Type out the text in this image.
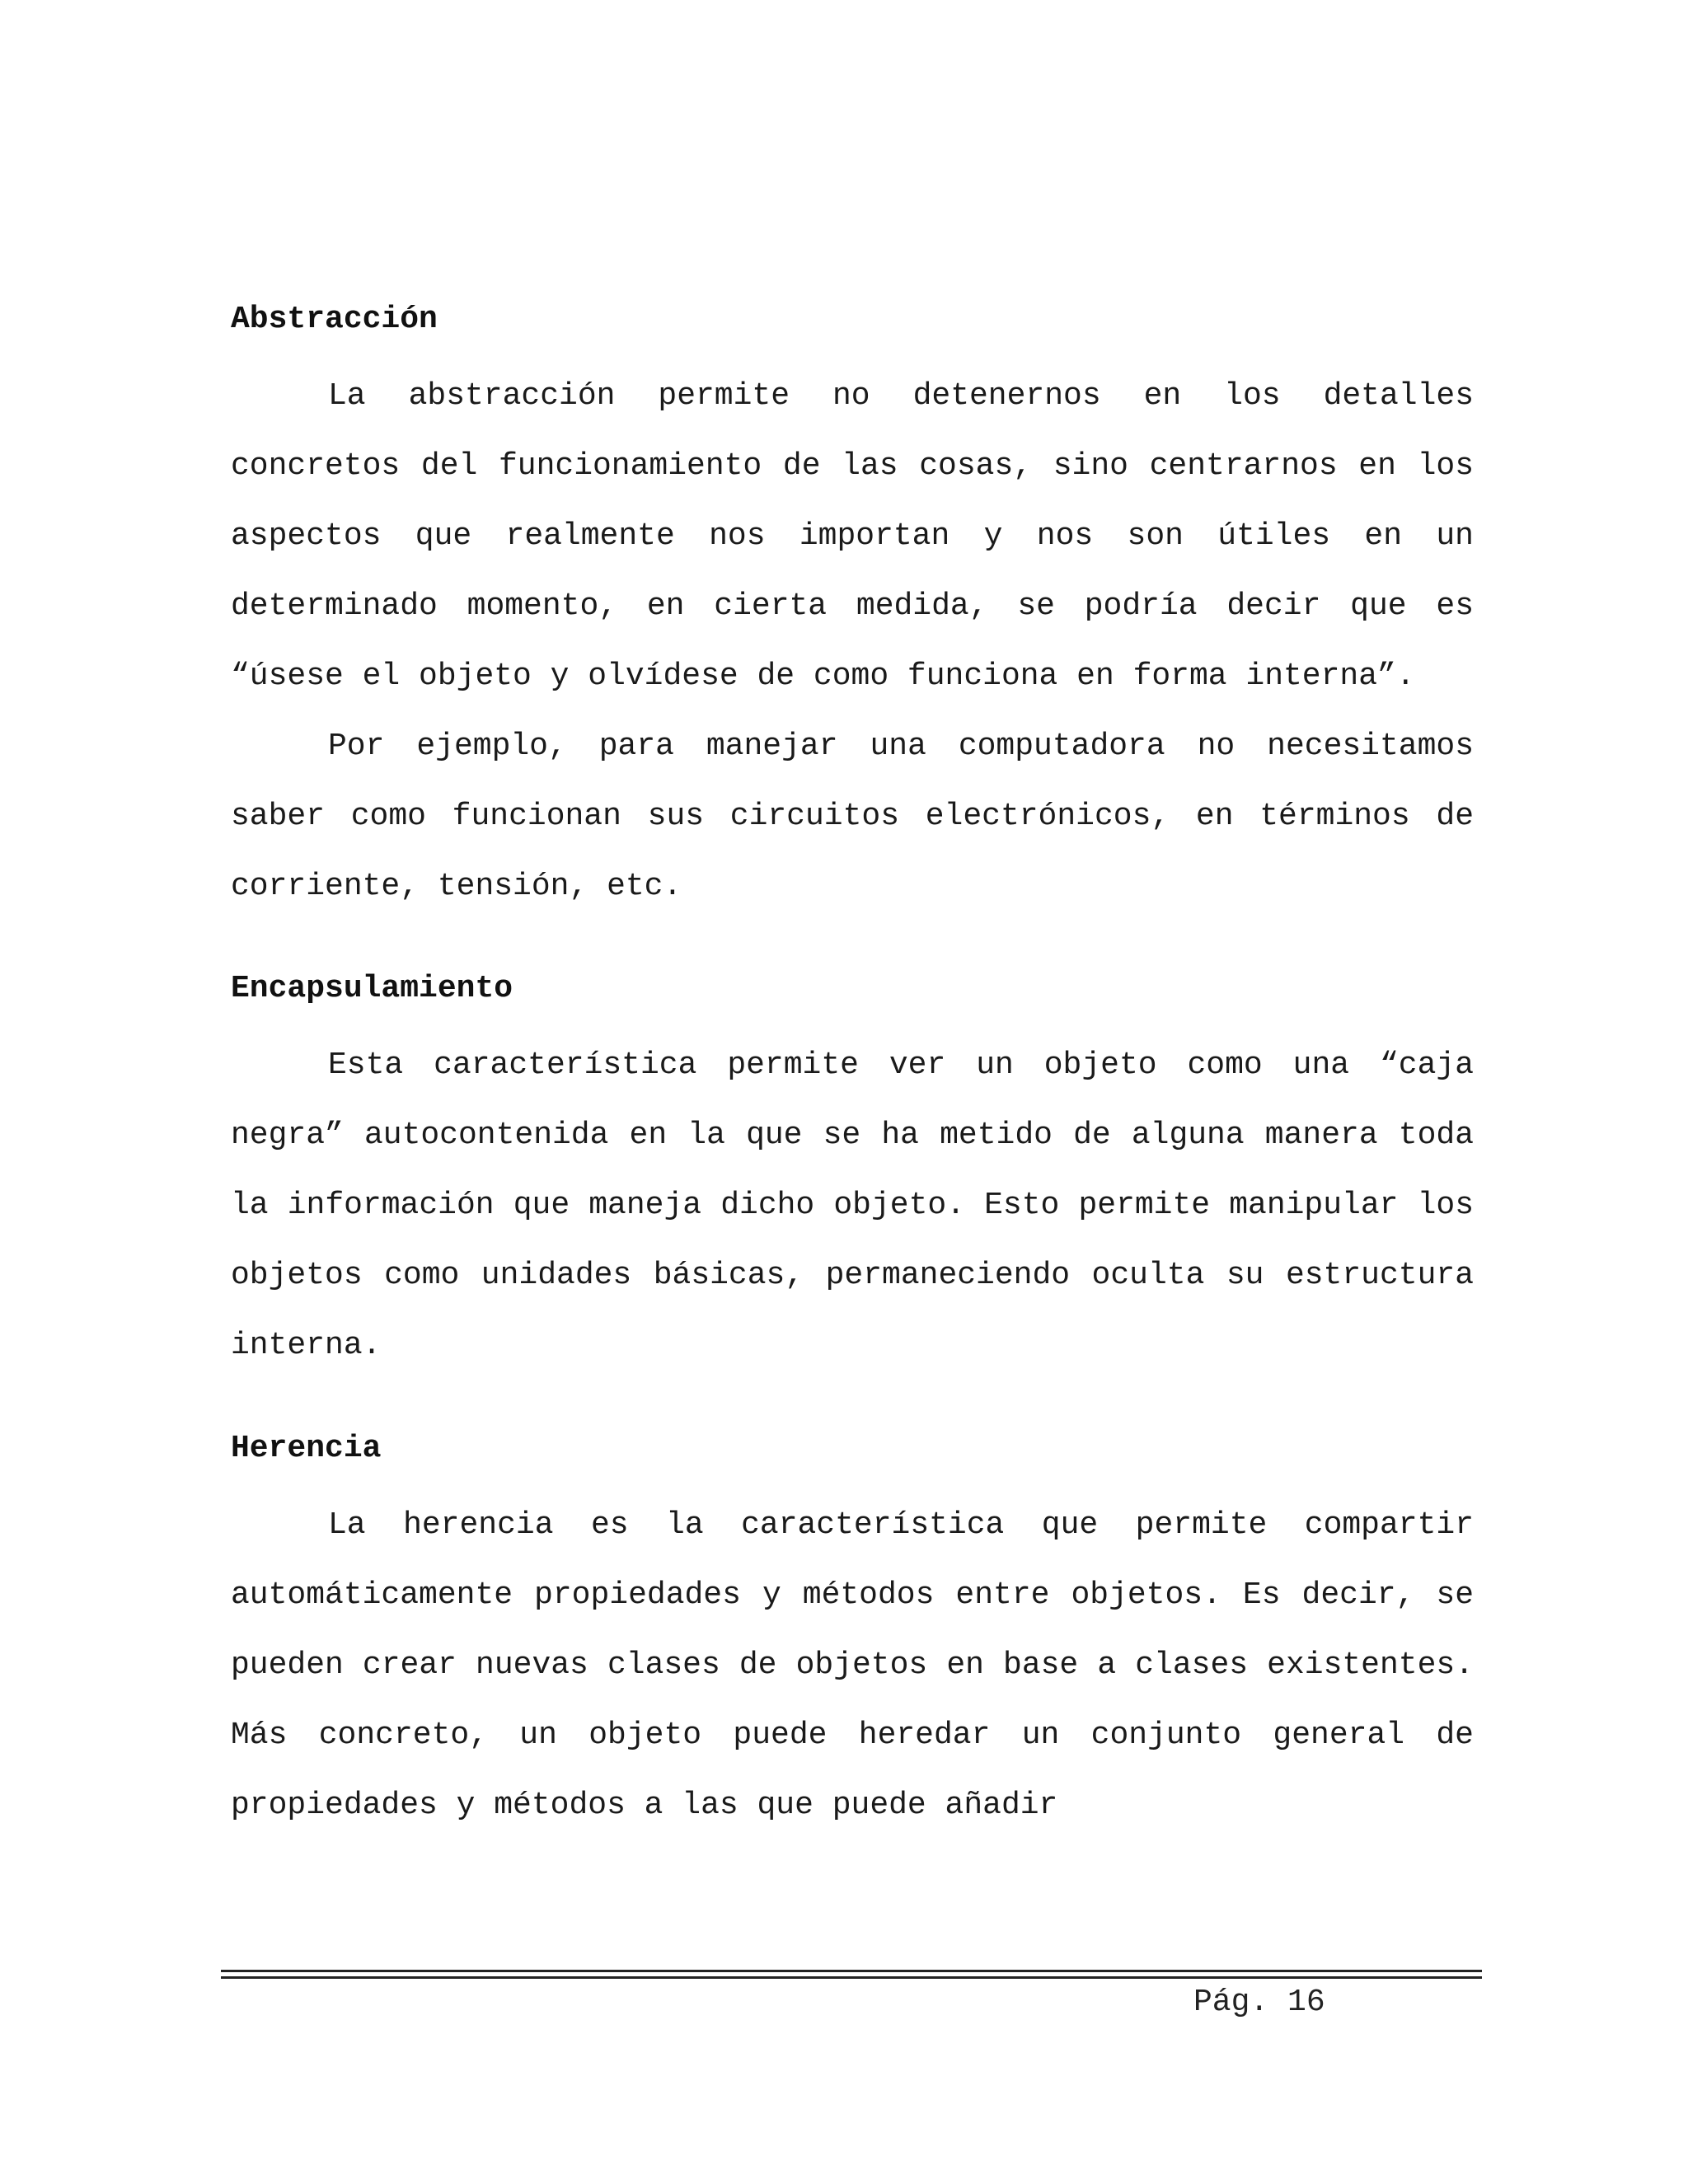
Abstracción

La abstracción permite no detenernos en los detalles concretos del funcionamiento de las cosas, sino centrarnos en los aspectos que realmente nos importan y nos son útiles en un determinado momento, en cierta medida, se podría decir que es “úsese el objeto y olvídese de como funciona en forma interna”.

Por ejemplo, para manejar una computadora no necesitamos saber como funcionan sus circuitos electrónicos, en términos de corriente, tensión, etc.

Encapsulamiento

Esta característica permite ver un objeto como una “caja negra” autocontenida en la que se ha metido de alguna manera toda la información que maneja dicho objeto. Esto permite manipular los objetos como unidades básicas, permaneciendo oculta su estructura interna.

Herencia

La herencia es la característica que permite compartir automáticamente propiedades y métodos entre objetos. Es decir, se pueden crear nuevas clases de objetos en base a clases existentes. Más concreto, un objeto puede heredar un conjunto general de propiedades y métodos a las que puede añadir

Pág. 16
